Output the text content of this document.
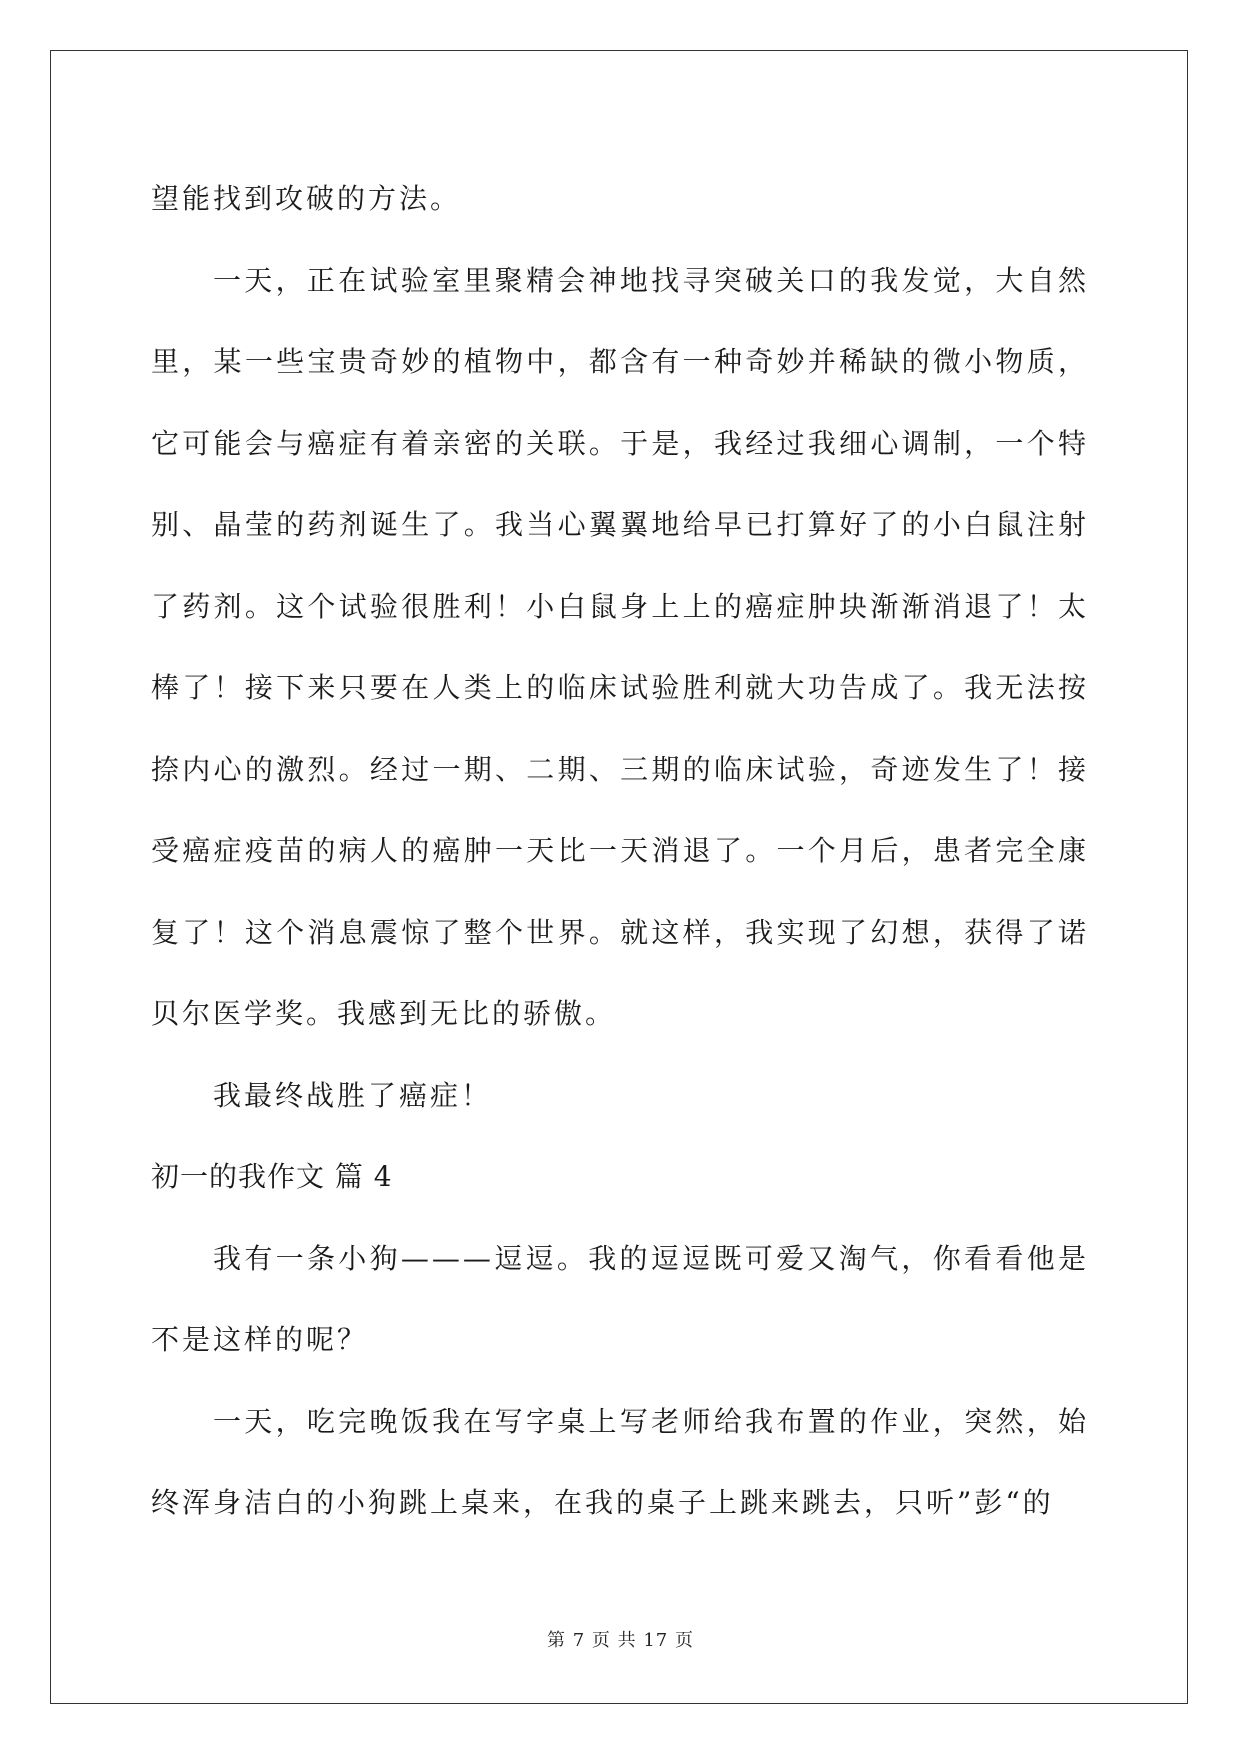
望能找到攻破的方法。

一天，正在试验室里聚精会神地找寻突破关口的我发觉，大自然里，某一些宝贵奇妙的植物中，都含有一种奇妙并稀缺的微小物质，它可能会与癌症有着亲密的关联。于是，我经过我细心调制，一个特别、晶莹的药剂诞生了。我当心翼翼地给早已打算好了的小白鼠注射了药剂。这个试验很胜利！小白鼠身上上的癌症肿块渐渐消退了！太棒了！接下来只要在人类上的临床试验胜利就大功告成了。我无法按捺内心的激烈。经过一期、二期、三期的临床试验，奇迹发生了！接受癌症疫苗的病人的癌肿一天比一天消退了。一个月后，患者完全康复了！这个消息震惊了整个世界。就这样，我实现了幻想，获得了诺贝尔医学奖。我感到无比的骄傲。

我最终战胜了癌症！

初一的我作文 篇 4

我有一条小狗———逗逗。我的逗逗既可爱又淘气，你看看他是不是这样的呢？

一天，吃完晚饭我在写字桌上写老师给我布置的作业，突然，始终浑身洁白的小狗跳上桌来，在我的桌子上跳来跳去，只听”彭“的

第 7 页 共 17 页
